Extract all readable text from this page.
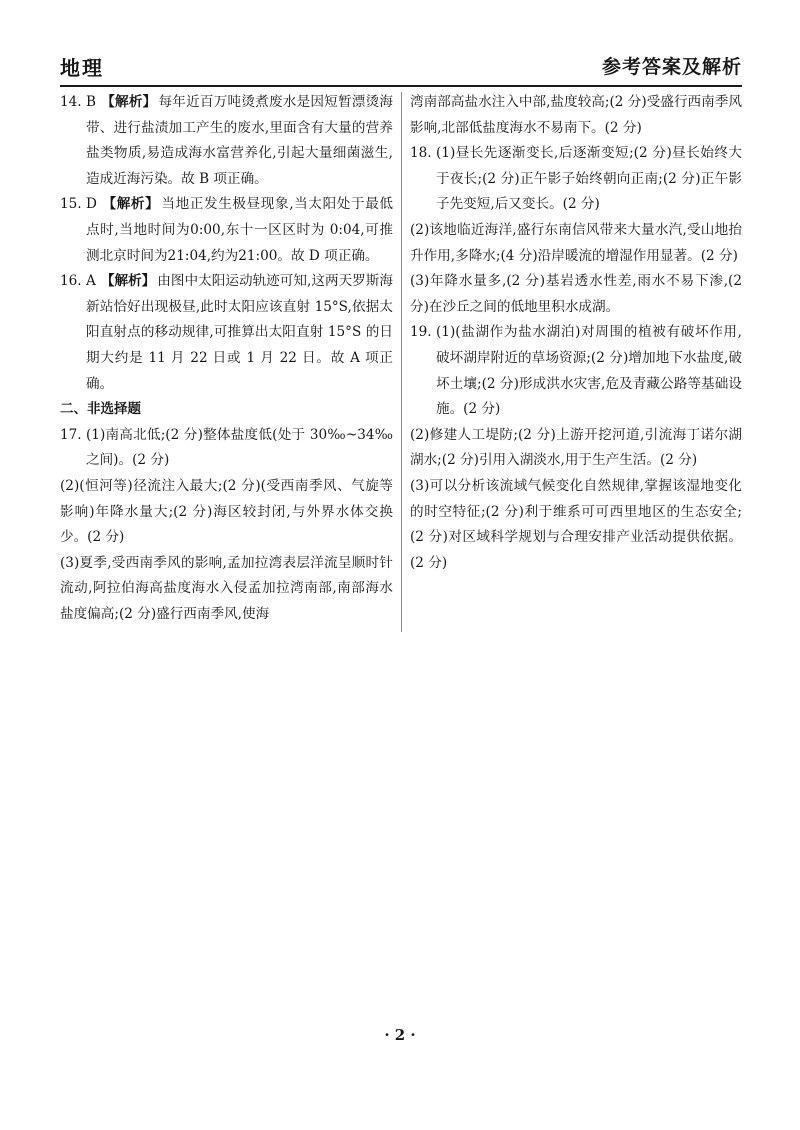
地理	参考答案及解析
14. B 【解析】 每年近百万吨烫煮废水是因短暂漂烫海带、进行盐渍加工产生的废水,里面含有大量的营养盐类物质,易造成海水富营养化,引起大量细菌滋生,造成近海污染。故 B 项正确。
15. D 【解析】 当地正发生极昼现象,当太阳处于最低点时,当地时间为0:00,东十一区区时为 0:04,可推测北京时间为21:04,约为21:00。故 D 项正确。
16. A 【解析】 由图中太阳运动轨迹可知,这两天罗斯海新站恰好出现极昼,此时太阳应该直射 15°S,依据太阳直射点的移动规律,可推算出太阳直射 15°S 的日期大约是 11 月 22 日或 1 月 22 日。故 A 项正确。

二、非选择题

17. (1)南高北低;(2 分)整体盐度低(处于 30‰~34‰之间)。(2 分)

(2)(恒河等)径流注入最大;(2 分)(受西南季风、气旋等影响)年降水量大;(2 分)海区较封闭,与外界水体交换少。(2 分)

(3)夏季,受西南季风的影响,孟加拉湾表层洋流呈顺时针流动,阿拉伯海高盐度海水入侵孟加拉湾南部,南部海水盐度偏高;(2 分)盛行西南季风,使海

湾南部高盐水注入中部,盐度较高;(2 分)受盛行西南季风影响,北部低盐度海水不易南下。(2 分)

18. (1)昼长先逐渐变长,后逐渐变短;(2 分)昼长始终大于夜长;(2 分)正午影子始终朝向正南;(2 分)正午影子先变短,后又变长。(2 分)

(2)该地临近海洋,盛行东南信风带来大量水汽,受山地抬升作用,多降水;(4 分)沿岸暖流的增湿作用显著。(2 分)

(3)年降水量多,(2 分)基岩透水性差,雨水不易下渗,(2 分)在沙丘之间的低地里积水成湖。

19. (1)(盐湖作为盐水湖泊)对周围的植被有破坏作用,破坏湖岸附近的草场资源;(2 分)增加地下水盐度,破坏土壤;(2 分)形成洪水灾害,危及青藏公路等基础设施。(2 分)

(2)修建人工堤防;(2 分)上游开挖河道,引流海丁诺尔湖湖水;(2 分)引用入湖淡水,用于生产生活。(2 分)

(3)可以分析该流域气候变化自然规律,掌握该湿地变化的时空特征;(2 分)利于维系可可西里地区的生态安全;(2 分)对区域科学规划与合理安排产业活动提供依据。(2 分)

· 2 ·
